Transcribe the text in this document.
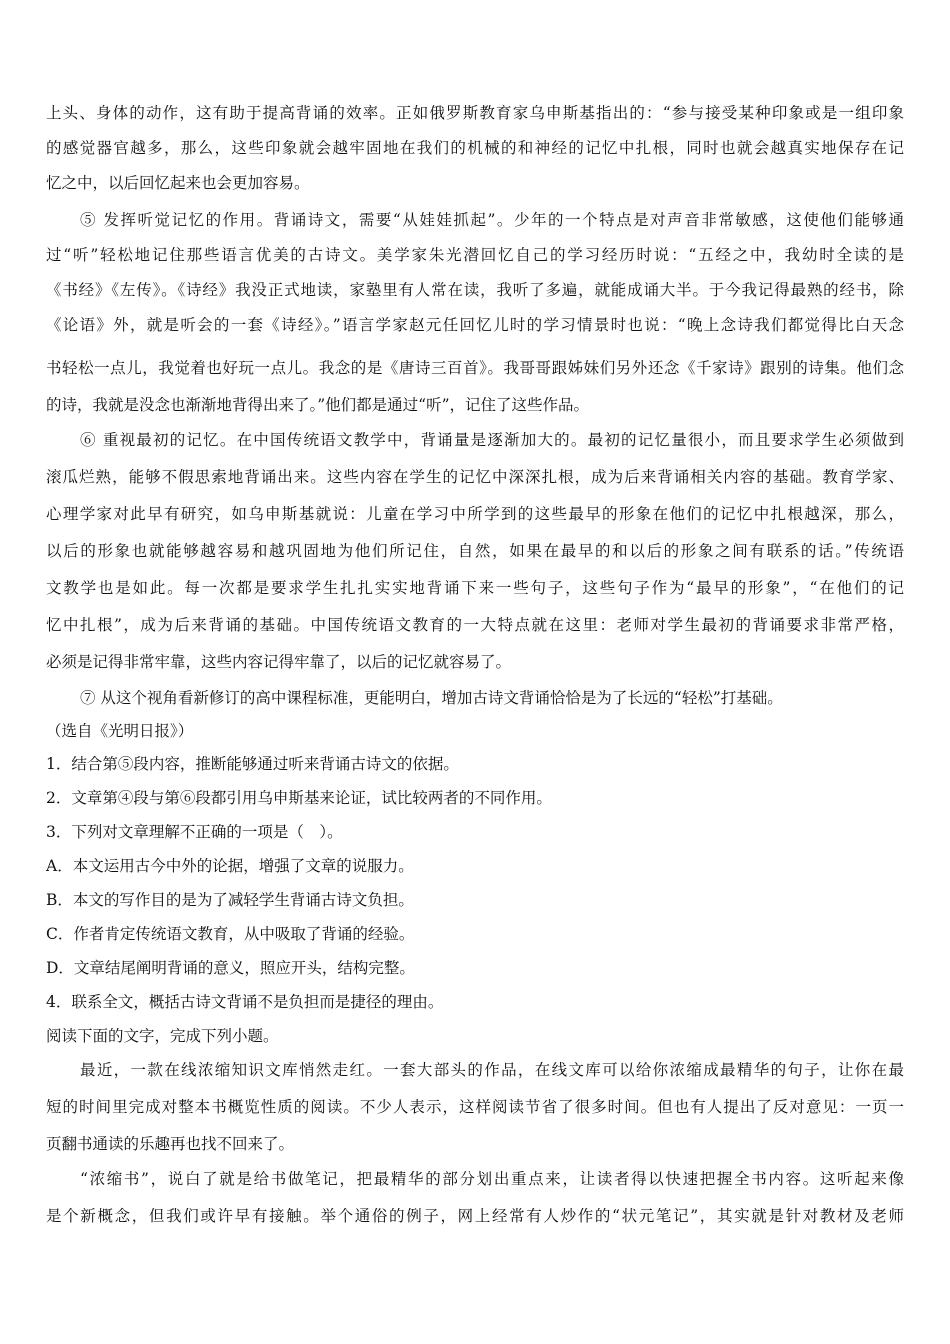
上头、身体的动作，这有助于提高背诵的效率。正如俄罗斯教育家乌申斯基指出的：“参与接受某种印象或是一组印象
的感觉器官越多，那么，这些印象就会越牢固地在我们的机械的和神经的记忆中扎根，同时也就会越真实地保存在记
忆之中，以后回忆起来也会更加容易。
⑤ 发挥听觉记忆的作用。背诵诗文，需要“从娃娃抓起”。少年的一个特点是对声音非常敏感，这使他们能够通
过“听”轻松地记住那些语言优美的古诗文。美学家朱光潜回忆自己的学习经历时说：“五经之中，我幼时全读的是
《书经》《左传》。《诗经》我没正式地读，家塾里有人常在读，我听了多遍，就能成诵大半。于今我记得最熟的经书，除
《论语》外，就是听会的一套《诗经》。”语言学家赵元任回忆儿时的学习情景时也说：“晚上念诗我们都觉得比白天念
书轻松一点儿，我觉着也好玩一点儿。我念的是《唐诗三百首》。我哥哥跟姊妹们另外还念《千家诗》跟别的诗集。他们念
的诗，我就是没念也渐渐地背得出来了。”他们都是通过“听”，记住了这些作品。
⑥ 重视最初的记忆。在中国传统语文教学中，背诵量是逐渐加大的。最初的记忆量很小，而且要求学生必须做到
滚瓜烂熟，能够不假思索地背诵出来。这些内容在学生的记忆中深深扎根，成为后来背诵相关内容的基础。教育学家、
心理学家对此早有研究，如乌申斯基就说：儿童在学习中所学到的这些最早的形象在他们的记忆中扎根越深，那么，
以后的形象也就能够越容易和越巩固地为他们所记住，自然，如果在最早的和以后的形象之间有联系的话。”传统语
文教学也是如此。每一次都是要求学生扎扎实实地背诵下来一些句子，这些句子作为“最早的形象”，“在他们的记
忆中扎根”，成为后来背诵的基础。中国传统语文教育的一大特点就在这里：老师对学生最初的背诵要求非常严格，
必须是记得非常牢靠，这些内容记得牢靠了，以后的记忆就容易了。
⑦ 从这个视角看新修订的高中课程标准，更能明白，增加古诗文背诵恰恰是为了长远的“轻松”打基础。
（选自《光明日报》）
1．结合第⑤段内容，推断能够通过听来背诵古诗文的依据。
2．文章第④段与第⑥段都引用乌申斯基来论证，试比较两者的不同作用。
3．下列对文章理解不正确的一项是（　）。
A．本文运用古今中外的论据，增强了文章的说服力。
B．本文的写作目的是为了减轻学生背诵古诗文负担。
C．作者肯定传统语文教育，从中吸取了背诵的经验。
D．文章结尾阐明背诵的意义，照应开头，结构完整。
4．联系全文，概括古诗文背诵不是负担而是捷径的理由。
阅读下面的文字，完成下列小题。
最近，一款在线浓缩知识文库悄然走红。一套大部头的作品，在线文库可以给你浓缩成最精华的句子，让你在最
短的时间里完成对整本书概览性质的阅读。不少人表示，这样阅读节省了很多时间。但也有人提出了反对意见：一页一
页翻书通读的乐趣再也找不回来了。
“浓缩书”，说白了就是给书做笔记，把最精华的部分划出重点来，让读者得以快速把握全书内容。这听起来像
是个新概念，但我们或许早有接触。举个通俗的例子，网上经常有人炒作的“状元笔记”，其实就是针对教材及老师
